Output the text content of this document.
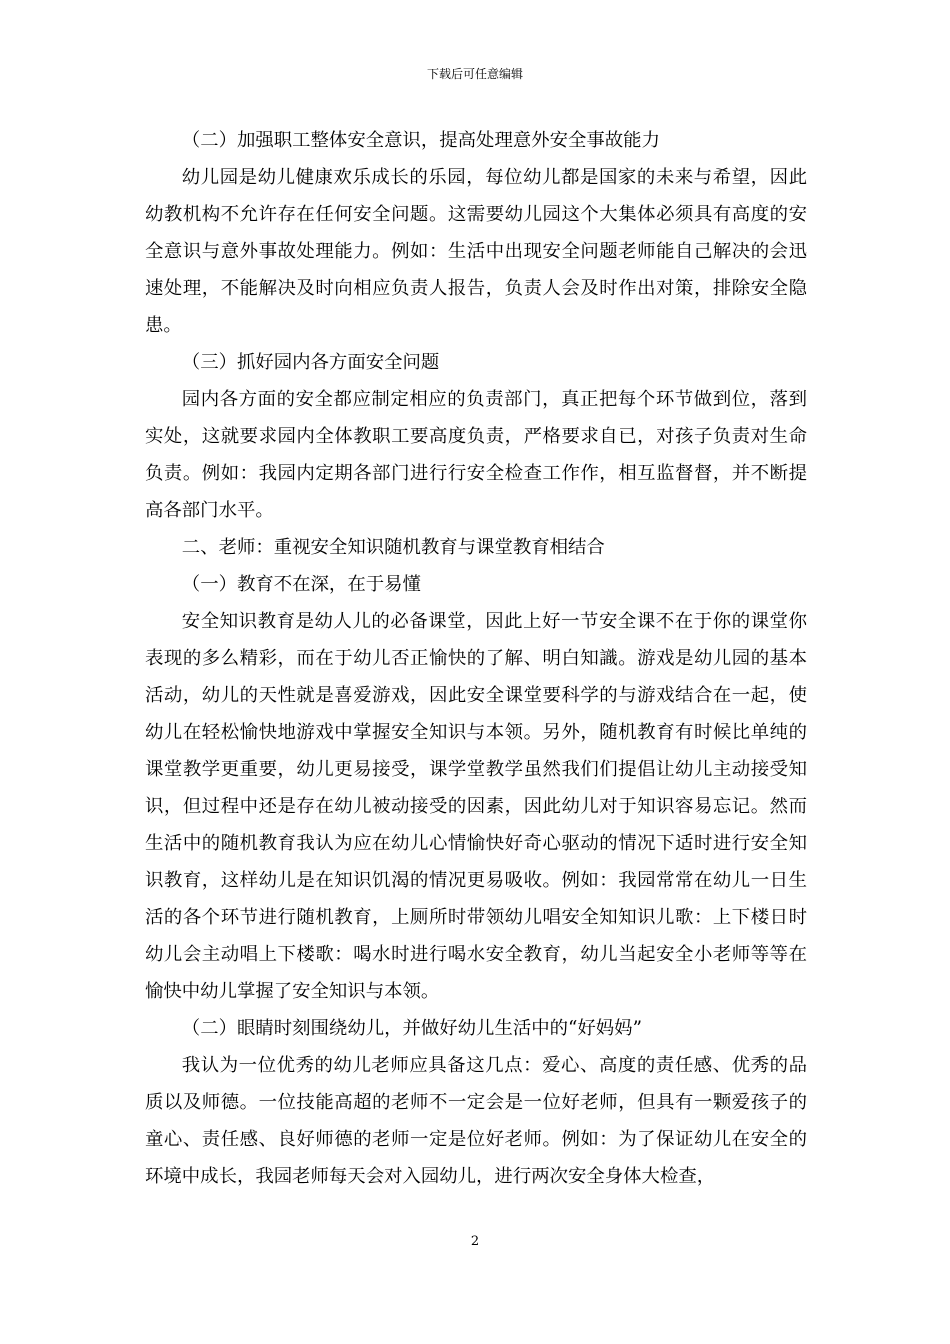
下载后可任意编辑

（二）加强职工整体安全意识，提高处理意外安全事故能力

幼儿园是幼儿健康欢乐成长的乐园，每位幼儿都是国家的未来与希望，因此幼教机构不允许存在任何安全问题。这需要幼儿园这个大集体必须具有高度的安全意识与意外事故处理能力。例如：生活中出现安全问题老师能自己解决的会迅速处理，不能解决及时向相应负责人报告，负责人会及时作出对策，排除安全隐患。

（三）抓好园内各方面安全问题

园内各方面的安全都应制定相应的负责部门，真正把每个环节做到位，落到实处，这就要求园内全体教职工要高度负责，严格要求自已，对孩子负责对生命负责。例如：我园内定期各部门进行行安全检查工作作，相互监督督，并不断提高各部门水平。

二、老师：重视安全知识随机教育与课堂教育相结合

（一）教育不在深，在于易懂

安全知识教育是幼人儿的必备课堂，因此上好一节安全课不在于你的课堂你表现的多么精彩，而在于幼儿否正愉快的了解、明白知識。游戏是幼儿园的基本活动，幼儿的天性就是喜爱游戏，因此安全课堂要科学的与游戏结合在一起，使幼儿在轻松愉快地游戏中掌握安全知识与本领。另外，随机教育有时候比单纯的课堂教学更重要，幼儿更易接受，课学堂教学虽然我们们提倡让幼儿主动接受知识，但过程中还是存在幼儿被动接受的因素，因此幼儿对于知识容易忘记。然而生活中的随机教育我认为应在幼儿心情愉快好奇心驱动的情况下适时进行安全知识教育，这样幼儿是在知识饥渴的情况更易吸收。例如：我园常常在幼儿一日生活的各个环节进行随机教育，上厕所时带领幼儿唱安全知知识儿歌：上下楼日时幼儿会主动唱上下楼歌：喝水时进行喝水安全教育，幼儿当起安全小老师等等在愉快中幼儿掌握了安全知识与本领。

（二）眼睛时刻围绕幼儿，并做好幼儿生活中的“好妈妈”

我认为一位优秀的幼儿老师应具备这几点：爱心、高度的责任感、优秀的品质以及师德。一位技能高超的老师不一定会是一位好老师，但具有一颗爱孩子的童心、责任感、良好师德的老师一定是位好老师。例如：为了保证幼儿在安全的环境中成长，我园老师每天会对入园幼儿，进行两次安全身体大检查，

2
